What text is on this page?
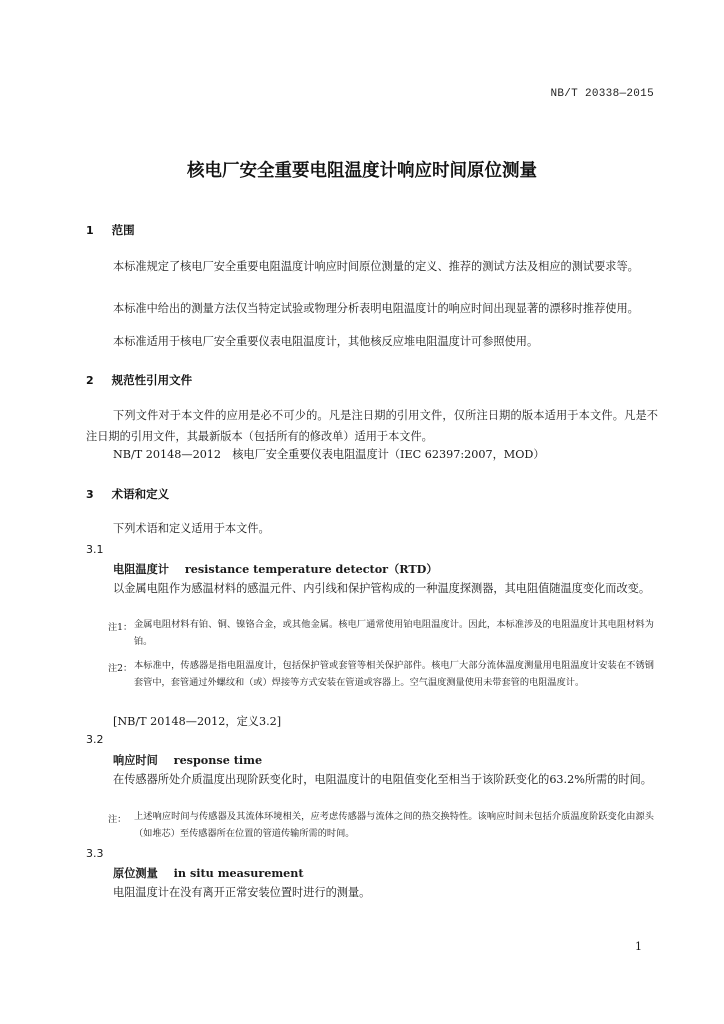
NB/T 20338—2015
核电厂安全重要电阻温度计响应时间原位测量
1 范围
本标准规定了核电厂安全重要电阻温度计响应时间原位测量的定义、推荐的测试方法及相应的测试要求等。
本标准中给出的测量方法仅当特定试验或物理分析表明电阻温度计的响应时间出现显著的漂移时推荐使用。
本标准适用于核电厂安全重要仪表电阻温度计，其他核反应堆电阻温度计可参照使用。
2 规范性引用文件
下列文件对于本文件的应用是必不可少的。凡是注日期的引用文件，仅所注日期的版本适用于本文件。凡是不注日期的引用文件，其最新版本（包括所有的修改单）适用于本文件。
NB/T 20148—2012　核电厂安全重要仪表电阻温度计（IEC 62397:2007，MOD）
3 术语和定义
下列术语和定义适用于本文件。
3.1
电阻温度计 resistance temperature detector（RTD）
以金属电阻作为感温材料的感温元件、内引线和保护管构成的一种温度探测器，其电阻值随温度变化而改变。
注1： 金属电阻材料有铂、铜、镍铬合金，或其他金属。核电厂通常使用铂电阻温度计。因此，本标准涉及的电阻温度计其电阻材料为铂。
注2： 本标准中，传感器是指电阻温度计，包括保护管或套管等相关保护部件。核电厂大部分流体温度测量用电阻温度计安装在不锈钢套管中，套管通过外螺纹和（或）焊接等方式安装在管道或容器上。空气温度测量使用未带套管的电阻温度计。
[NB/T 20148—2012，定义3.2]
3.2
响应时间 response time
在传感器所处介质温度出现阶跃变化时，电阻温度计的电阻值变化至相当于该阶跃变化的63.2%所需的时间。
注： 上述响应时间与传感器及其流体环境相关，应考虑传感器与流体之间的热交换特性。该响应时间未包括介质温度阶跃变化由源头（如堆芯）至传感器所在位置的管道传输所需的时间。
3.3
原位测量 in situ measurement
电阻温度计在没有离开正常安装位置时进行的测量。
1
